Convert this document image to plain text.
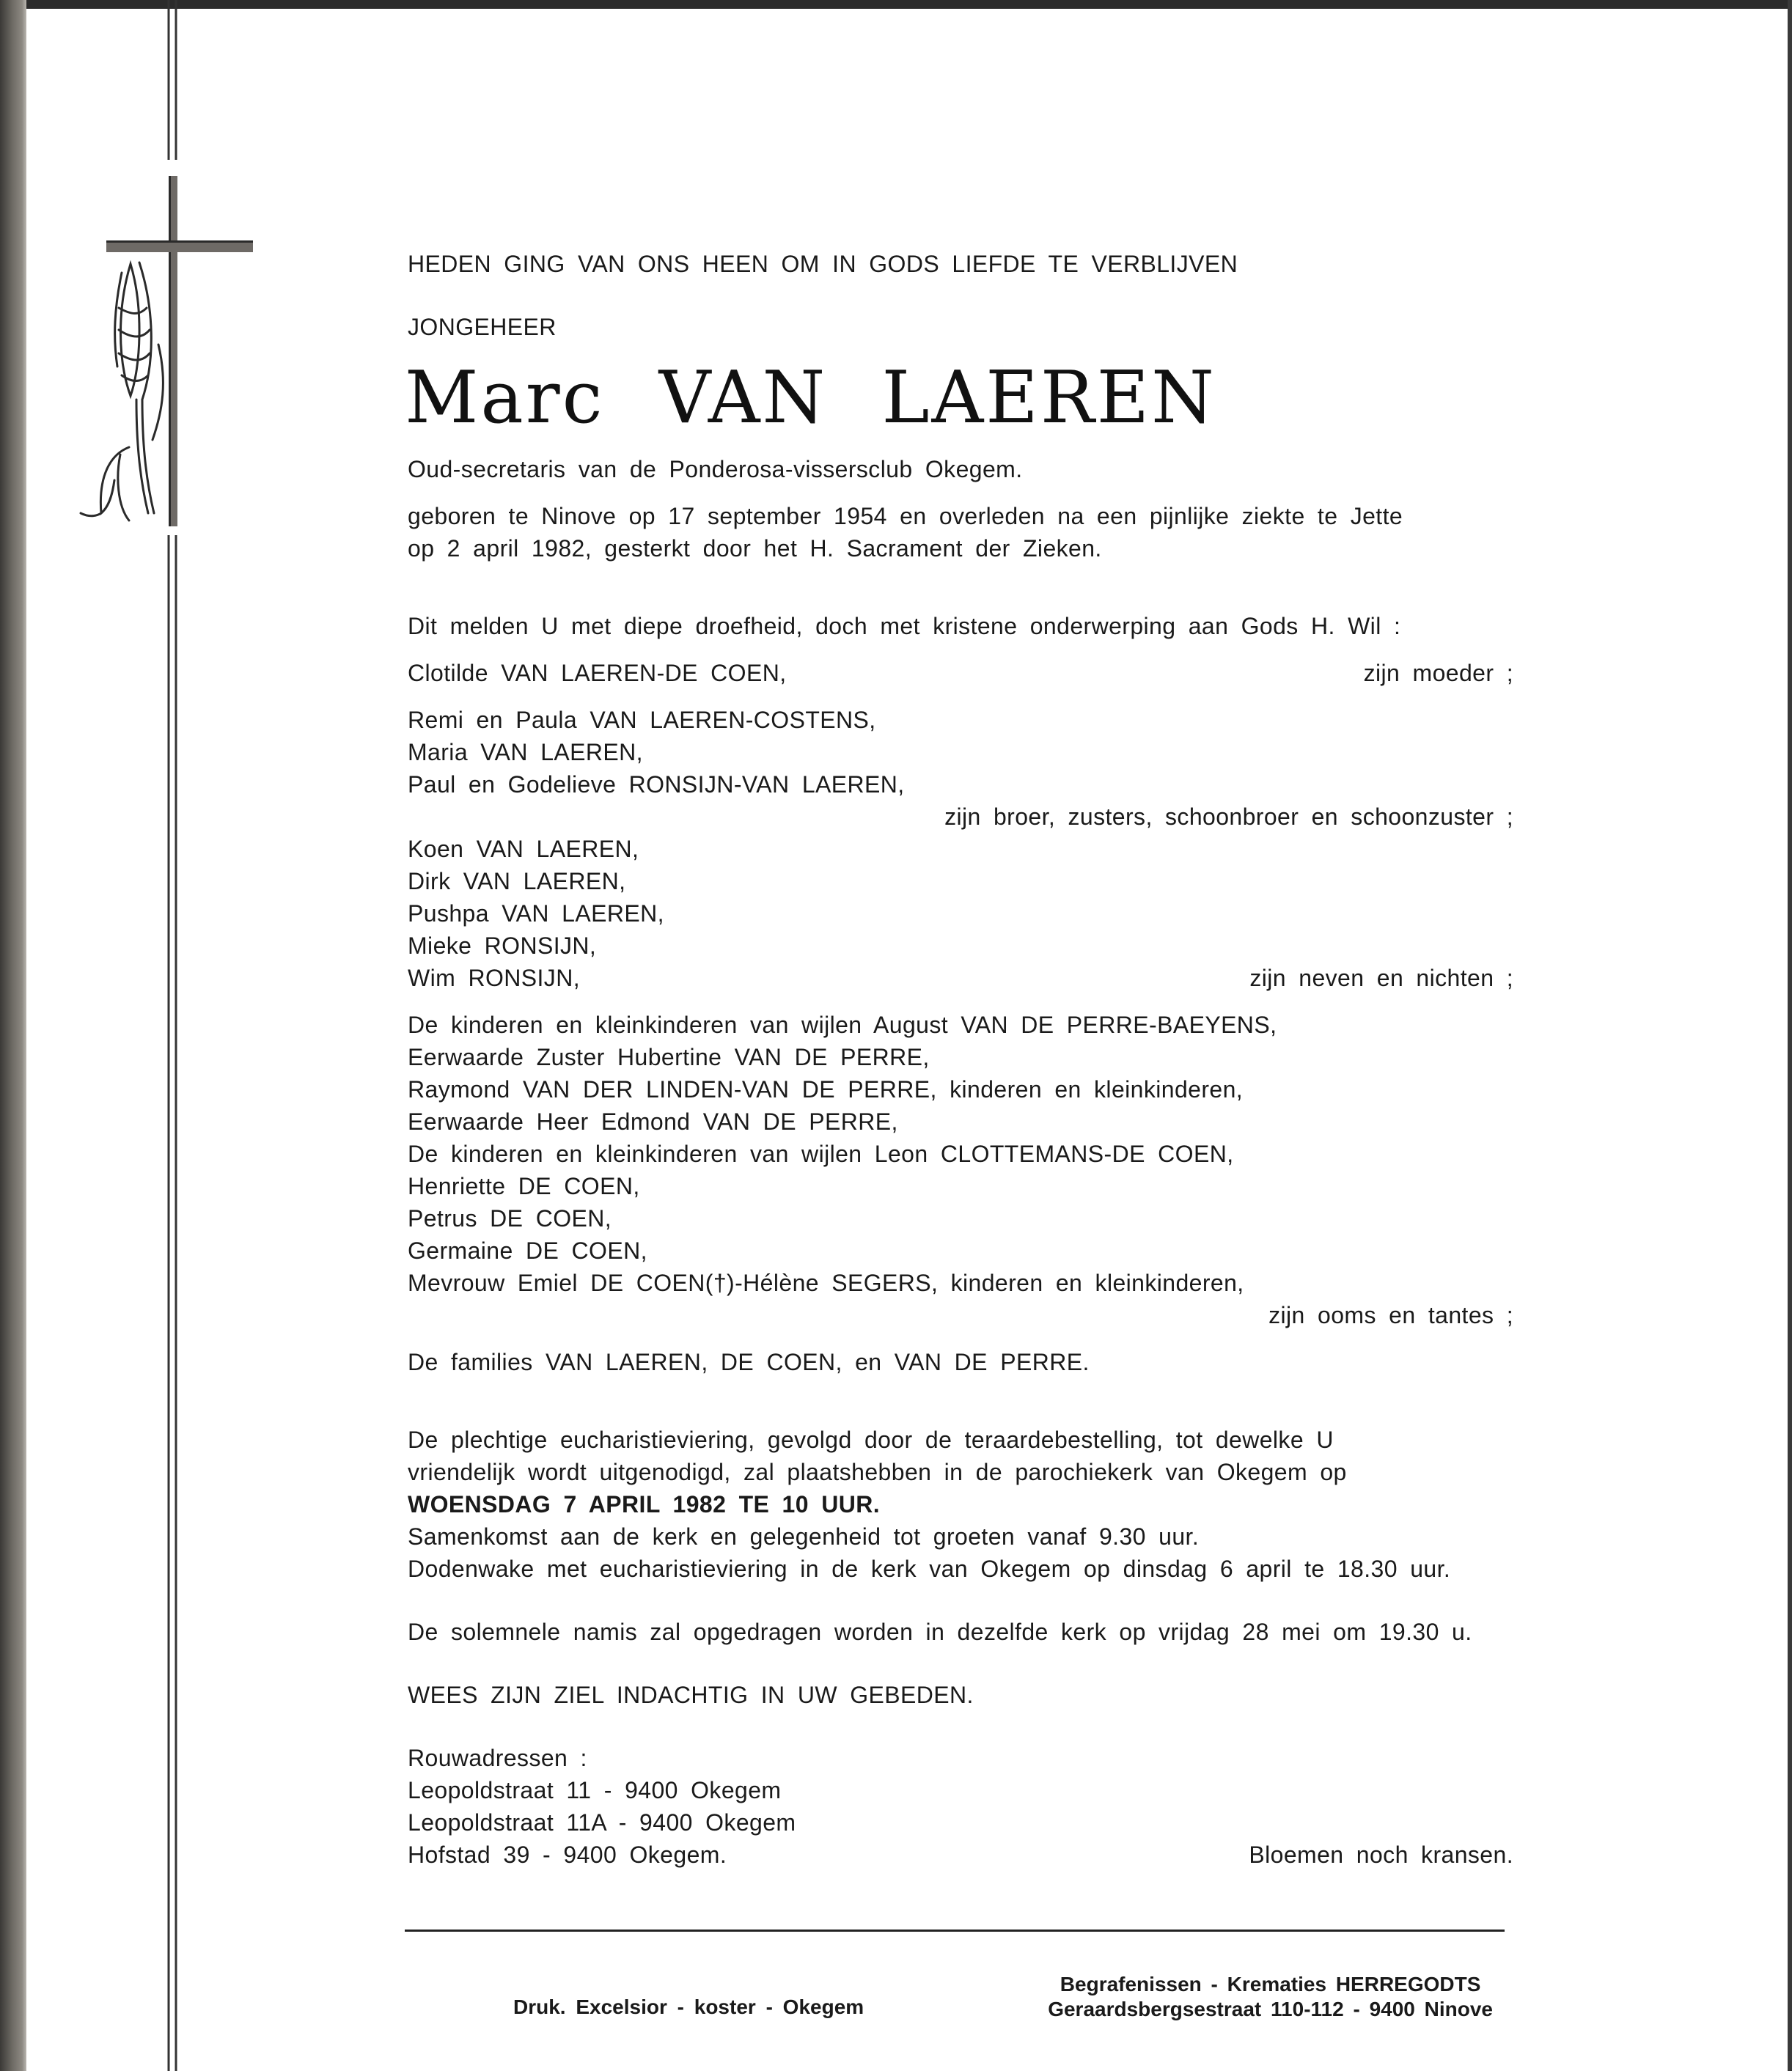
HEDEN GING VAN ONS HEEN OM IN GODS LIEFDE TE VERBLIJVEN
JONGEHEER
Marc VAN LAEREN
Oud-secretaris van de Ponderosa-vissersclub Okegem.
geboren te Ninove op 17 september 1954 en overleden na een pijnlijke ziekte te Jette
op 2 april 1982, gesterkt door het H. Sacrament der Zieken.
Dit melden U met diepe droefheid, doch met kristene onderwerping aan Gods H. Wil :
Clotilde VAN LAEREN-DE COEN,	zijn moeder ;
Remi en Paula VAN LAEREN-COSTENS,
Maria VAN LAEREN,
Paul en Godelieve RONSIJN-VAN LAEREN,
zijn broer, zusters, schoonbroer en schoonzuster ;
Koen VAN LAEREN,
Dirk VAN LAEREN,
Pushpa VAN LAEREN,
Mieke RONSIJN,
Wim RONSIJN,	zijn neven en nichten ;
De kinderen en kleinkinderen van wijlen August VAN DE PERRE-BAEYENS,
Eerwaarde Zuster Hubertine VAN DE PERRE,
Raymond VAN DER LINDEN-VAN DE PERRE, kinderen en kleinkinderen,
Eerwaarde Heer Edmond VAN DE PERRE,
De kinderen en kleinkinderen van wijlen Leon CLOTTEMANS-DE COEN,
Henriette DE COEN,
Petrus DE COEN,
Germaine DE COEN,
Mevrouw Emiel DE COEN(†)-Hélène SEGERS, kinderen en kleinkinderen,
zijn ooms en tantes ;
De families VAN LAEREN, DE COEN, en VAN DE PERRE.
De plechtige eucharistieviering, gevolgd door de teraardebestelling, tot dewelke U
vriendelijk wordt uitgenodigd, zal plaatshebben in de parochiekerk van Okegem op
WOENSDAG 7 APRIL 1982 TE 10 UUR.
Samenkomst aan de kerk en gelegenheid tot groeten vanaf 9.30 uur.
Dodenwake met eucharistieviering in de kerk van Okegem op dinsdag 6 april te 18.30 uur.
De solemnele namis zal opgedragen worden in dezelfde kerk op vrijdag 28 mei om 19.30 u.
WEES ZIJN ZIEL INDACHTIG IN UW GEBEDEN.
Rouwadressen :
Leopoldstraat 11 - 9400 Okegem
Leopoldstraat 11A - 9400 Okegem
Hofstad 39 - 9400 Okegem.	Bloemen noch kransen.
Druk. Excelsior - koster - Okegem
Begrafenissen - Krematies HERREGODTS
Geraardsbergsestraat 110-112 - 9400 Ninove
